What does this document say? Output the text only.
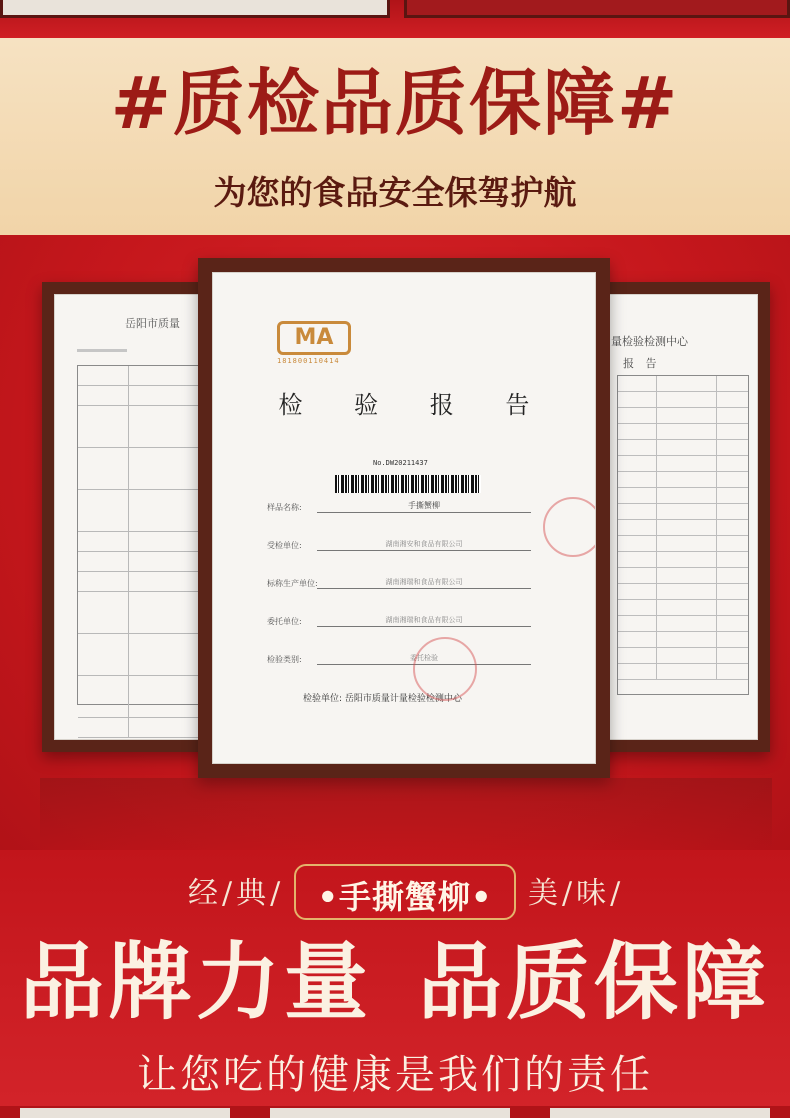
#质检品质保障#
为您的食品安全保驾护航
岳阳市质量
量检验检测中心
报 告
MA
181800110414
检 验 报 告
No.DW20211437
样品名称:	手撕蟹柳
受检单位:	湖南湘安和食品有限公司
标称生产单位:	湖南湘瑞和食品有限公司
委托单位:	湖南湘瑞和食品有限公司
检验类别:	委托检验
检验单位: 岳阳市质量计量检验检测中心
经/典/	•手撕蟹柳•	美/味/
品牌力量 品质保障
让您吃的健康是我们的责任
